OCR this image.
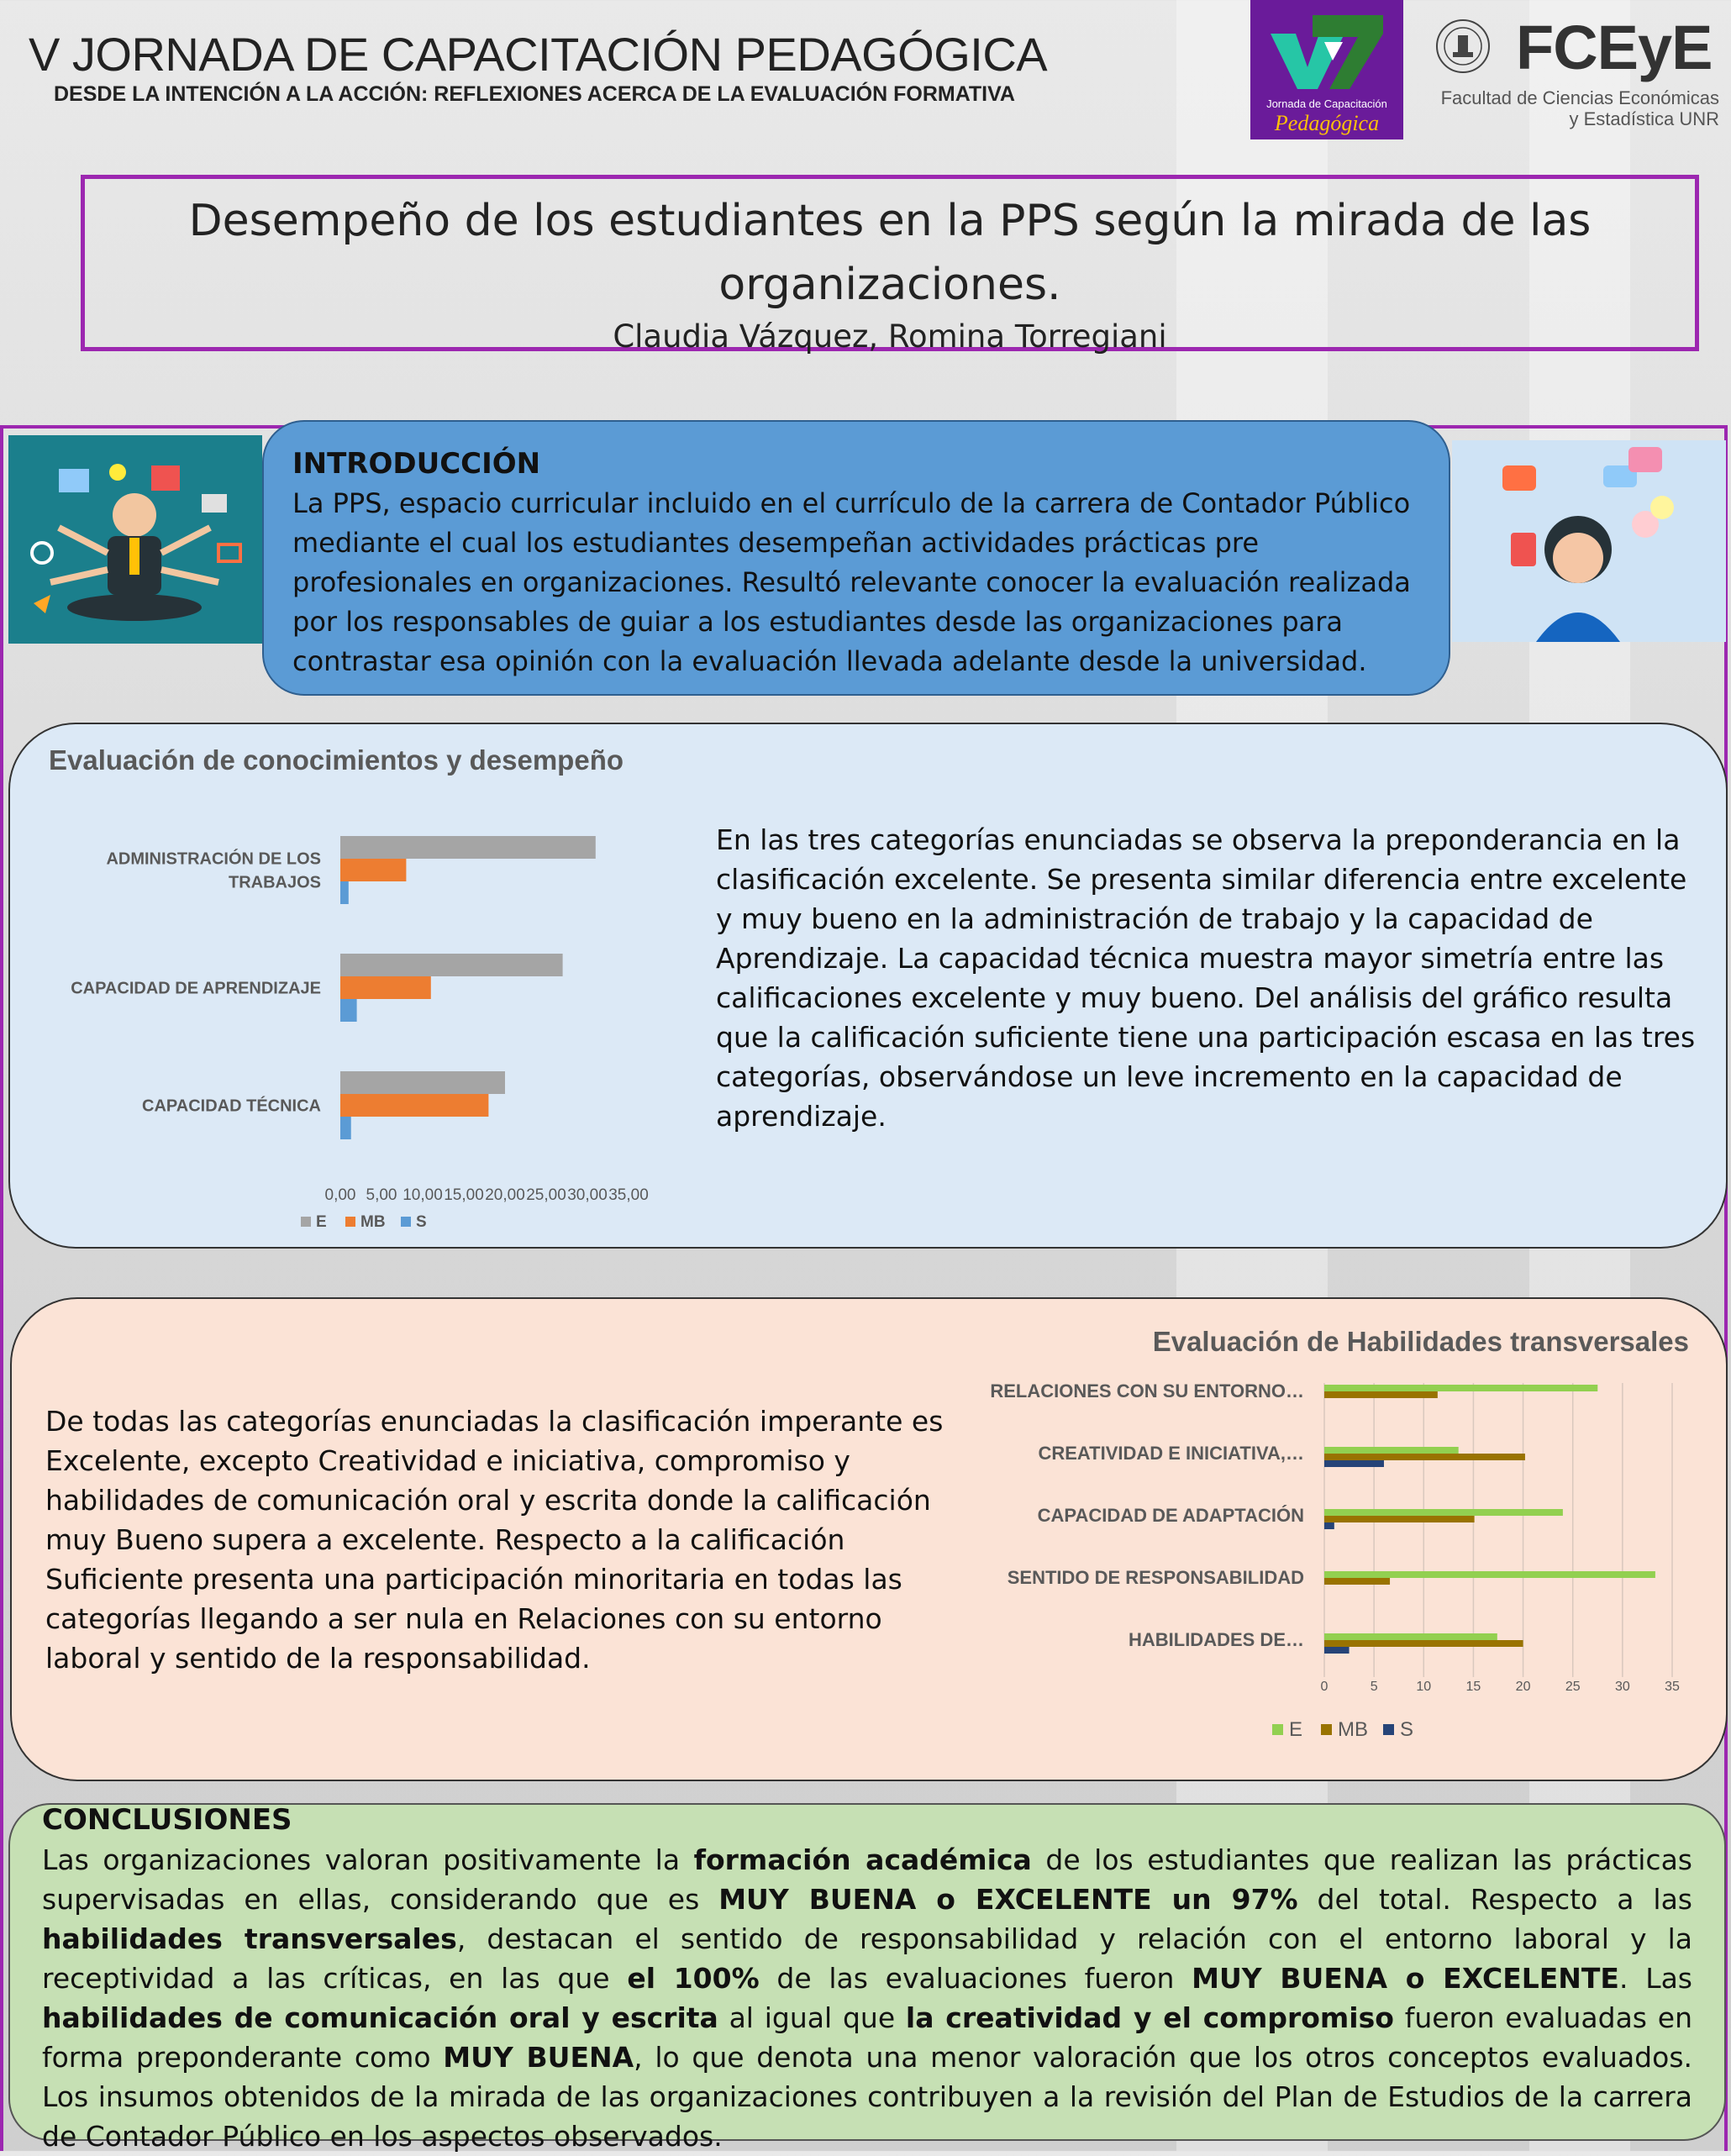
V JORNADA DE CAPACITACIÓN PEDAGÓGICA
DESDE LA INTENCIÓN A LA ACCIÓN: REFLEXIONES ACERCA DE LA EVALUACIÓN FORMATIVA	Jornada de Capacitación
Pedagógica
FCEyE
Facultad de Ciencias Económicas
y Estadística UNR
Desempeño de los estudiantes en la PPS según la mirada de las organizaciones.
Claudia Vázquez, Romina Torregiani
INTRODUCCIÓN

La PPS, espacio curricular incluido en el currículo de la carrera de Contador Público mediante el cual los estudiantes desempeñan actividades prácticas pre profesionales en organizaciones. Resultó relevante conocer la evaluación realizada por los responsables de guiar a los estudiantes desde las organizaciones para contrastar esa opinión con la evaluación llevada adelante desde la universidad.

Evaluación de conocimientos y desempeño
ADMINISTRACIÓN DE LOS
TRABAJOS
CAPACIDAD DE APRENDIZAJE
CAPACIDAD TÉCNICA
0,00 5,00 10,00 15,00 20,00 25,00 30,00 35,00
E MB S
En las tres categorías enunciadas se observa la preponderancia en la clasificación excelente. Se presenta similar diferencia entre excelente y muy bueno en la administración de trabajo y la capacidad de Aprendizaje. La capacidad técnica muestra mayor simetría entre las calificaciones excelente y muy bueno. Del análisis del gráfico resulta que la calificación suficiente tiene una participación escasa en las tres categorías, observándose un leve incremento en la capacidad de aprendizaje.
De todas las categorías enunciadas la clasificación imperante es Excelente, excepto Creatividad e iniciativa, compromiso y habilidades de comunicación oral y escrita donde la calificación muy Bueno supera a excelente. Respecto a la calificación Suficiente presenta una participación minoritaria en todas las categorías llegando a ser nula en Relaciones con su entorno laboral y sentido de la responsabilidad.
Evaluación de Habilidades transversales
RELACIONES CON SU ENTORNO…
CREATIVIDAD E INICIATIVA,…
CAPACIDAD DE ADAPTACIÓN
SENTIDO DE RESPONSABILIDAD
HABILIDADES DE…
0	5	10	15	20	25	30	35
E MB S
CONCLUSIONES

Las organizaciones valoran positivamente la formación académica de los estudiantes que realizan las prácticas supervisadas en ellas, considerando que es MUY BUENA o EXCELENTE un 97% del total. Respecto a las habilidades transversales, destacan el sentido de responsabilidad y relación con el entorno laboral y la receptividad a las críticas, en las que el 100% de las evaluaciones fueron MUY BUENA o EXCELENTE. Las habilidades de comunicación oral y escrita al igual que la creatividad y el compromiso fueron evaluadas en forma preponderante como MUY BUENA, lo que denota una menor valoración que los otros conceptos evaluados. Los insumos obtenidos de la mirada de las organizaciones contribuyen a la revisión del Plan de Estudios de la carrera de Contador Público en los aspectos observados.
